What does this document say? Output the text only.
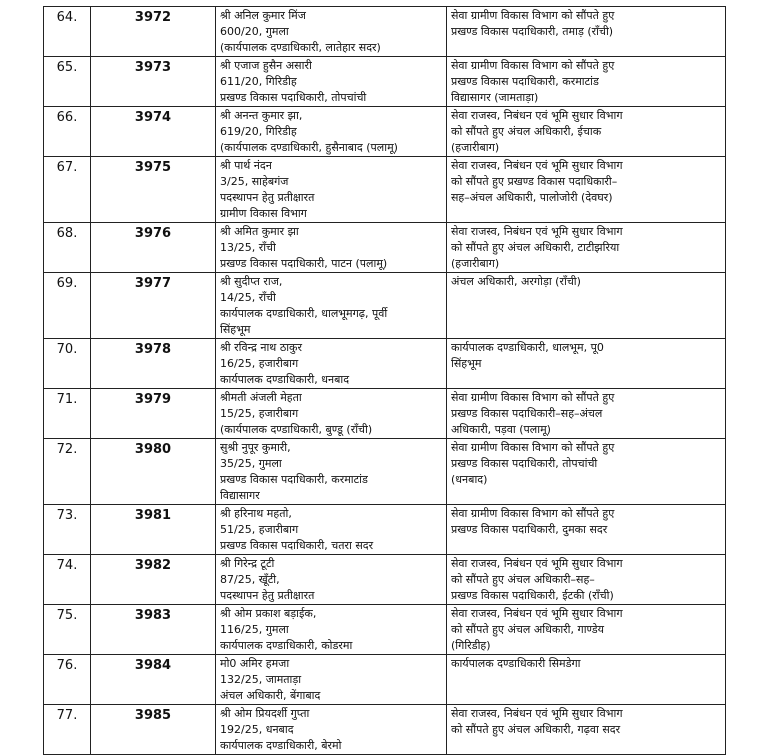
64.	3972	श्री अनिल कुमार मिंज
600/20, गुमला
(कार्यपालक दण्डाधिकारी, लातेहार सदर)	सेवा ग्रामीण विकास विभाग को सौंपते हुए
प्रखण्ड विकास पदाधिकारी, तमाड़ (राँची)

65.	3973	श्री एजाज हुसैन असारी
611/20, गिरिडीह
प्रखण्ड विकास पदाधिकारी, तोपचांची	सेवा ग्रामीण विकास विभाग को सौंपते हुए
प्रखण्ड विकास पदाधिकारी, करमाटांड
विद्यासागर (जामताड़ा)

66.	3974	श्री अनन्त कुमार झा,
619/20, गिरिडीह
(कार्यपालक दण्डाधिकारी, हुसैनाबाद (पलामू)	सेवा राजस्व, निबंधन एवं भूमि सुधार विभाग
को सौंपते हुए अंचल अधिकारी, ईचाक
(हजारीबाग)

67.	3975	श्री पार्थ नंदन
3/25, साहेबगंज
पदस्थापन हेतु प्रतीक्षारत
ग्रामीण विकास विभाग	सेवा राजस्व, निबंधन एवं भूमि सुधार विभाग
को सौंपते हुए प्रखण्ड विकास पदाधिकारी–
सह–अंचल अधिकारी, पालोजोरी (देवघर)

68.	3976	श्री अमित कुमार झा
13/25, राँची
प्रखण्ड विकास पदाधिकारी, पाटन (पलामू)	सेवा राजस्व, निबंधन एवं भूमि सुधार विभाग
को सौंपते हुए अंचल अधिकारी, टाटीझरिया
(हजारीबाग)

69.	3977	श्री सुदीप्त राज,
14/25, राँची
कार्यपालक दण्डाधिकारी, धालभूमगढ़, पूर्वी
सिंहभूम	अंचल अधिकारी, अरगोड़ा (राँची)

70.	3978	श्री रविन्द्र नाथ ठाकुर
16/25, हजारीबाग
कार्यपालक दण्डाधिकारी, धनबाद	कार्यपालक दण्डाधिकारी, धालभूम, पू0
सिंहभूम

71.	3979	श्रीमती अंजली मेहता
15/25, हजारीबाग
(कार्यपालक दण्डाधिकारी, बुण्डू (राँची)	सेवा ग्रामीण विकास विभाग को सौंपते हुए
प्रखण्ड विकास पदाधिकारी–सह–अंचल
अधिकारी, पड़वा (पलामू)

72.	3980	सुश्री नुपूर कुमारी,
35/25, गुमला
प्रखण्ड विकास पदाधिकारी, करमाटांड
विद्यासागर	सेवा ग्रामीण विकास विभाग को सौंपते हुए
प्रखण्ड विकास पदाधिकारी, तोपचांची
(धनबाद)

73.	3981	श्री हरिनाथ महतो,
51/25, हजारीबाग
प्रखण्ड विकास पदाधिकारी, चतरा सदर	सेवा ग्रामीण विकास विभाग को सौंपते हुए
प्रखण्ड विकास पदाधिकारी, दुमका सदर

74.	3982	श्री गिरेन्द्र टूटी
87/25, खूँटी,
पदस्थापन हेतु प्रतीक्षारत	सेवा राजस्व, निबंधन एवं भूमि सुधार विभाग
को सौंपते हुए अंचल अधिकारी–सह–
प्रखण्ड विकास पदाधिकारी, ईटकी (राँची)

75.	3983	श्री ओम प्रकाश बड़ाईक,
116/25, गुमला
कार्यपालक दण्डाधिकारी, कोडरमा	सेवा राजस्व, निबंधन एवं भूमि सुधार विभाग
को सौंपते हुए अंचल अधिकारी, गाण्डेय
(गिरिडीह)

76.	3984	मो0 अमिर हमजा
132/25, जामताड़ा
अंचल अधिकारी, बेंगाबाद	कार्यपालक दण्डाधिकारी सिमडेगा

77.	3985	श्री ओम प्रियदर्शी गुप्ता
192/25, धनबाद
कार्यपालक दण्डाधिकारी, बेरमो	सेवा राजस्व, निबंधन एवं भूमि सुधार विभाग
को सौंपते हुए अंचल अधिकारी, गढ़वा सदर
